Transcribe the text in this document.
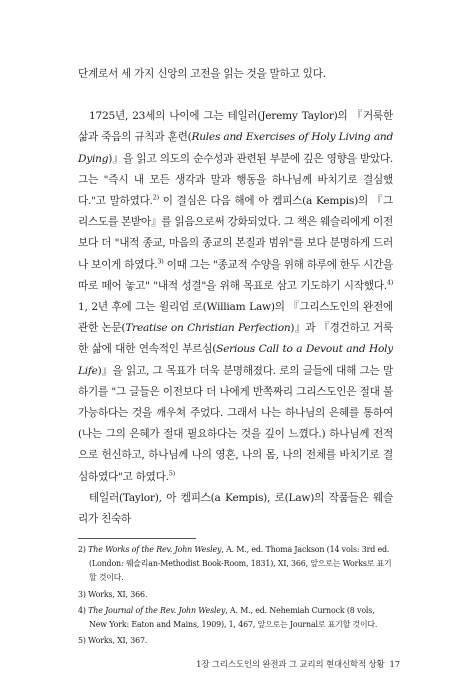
단계로서 세 가지 신앙의 고전을 읽는 것을 말하고 있다.

1725년, 23세의 나이에 그는 테일러(Jeremy Taylor)의 『거룩한 삶과 죽음의 규칙과 훈련(Rules and Exercises of Holy Living and Dying)』을 읽고 의도의 순수성과 관련된 부분에 깊은 영향을 받았다. 그는 "즉시 내 모든 생각과 말과 행동을 하나님께 바치기로 결심했다."고 말하였다.$^{2)}$ 이 결심은 다음 해에 아 켐피스(a Kempis)의 『그리스도를 본받아』를 읽음으로써 강화되었다. 그 책은 웨슬리에게 이전보다 더 "내적 종교, 마음의 종교의 본질과 범위"를 보다 분명하게 드러나 보이게 하였다.$^{3)}$ 이때 그는 "종교적 수양을 위해 하루에 한두 시간을 따로 떼어 놓고" "내적 성결"을 위해 목표로 삼고 기도하기 시작했다.$^{4)}$ 1, 2년 후에 그는 윌리엄 로(William Law)의 『그리스도인의 완전에 관한 논문(Treatise on Christian Perfection)』과 『경건하고 거룩한 삶에 대한 연속적인 부르심(Serious Call to a Devout and Holy Life)』을 읽고, 그 목표가 더욱 분명해졌다. 로의 글들에 대해 그는 말하기를 "그 글들은 이전보다 더 나에게 반쪽짜리 그리스도인은 절대 불가능하다는 것을 깨우쳐 주었다. 그래서 나는 하나님의 은혜를 통하여(나는 그의 은혜가 절대 필요하다는 것을 깊이 느꼈다.) 하나님께 전적으로 헌신하고, 하나님께 나의 영혼, 나의 몸, 나의 전체를 바치기로 결심하였다"고 하였다.$^{5)}$

테일러(Taylor), 아 켐피스(a Kempis), 로(Law)의 작품들은 웨슬리가 친숙하

2) The Works of the Rev. John Wesley, A. M., ed. Thoma Jackson (14 vols: 3rd ed.(London: 웨슬리an-Methodist Book-Room, 1831), XI, 366, 앞으로는 Works로 표기할 것이다.

3) Works, XI, 366.

4) The Journal of the Rev. John Wesley, A. M., ed. Nehemiah Curnock (8 vols, New York: Eaton and Mains, 1909), 1, 467, 앞으로는 Journal로 표기할 것이다.

5) Works, XI, 367.

1장 그리스도인의 완전과 그 교리의 현대신학적 상황 17
